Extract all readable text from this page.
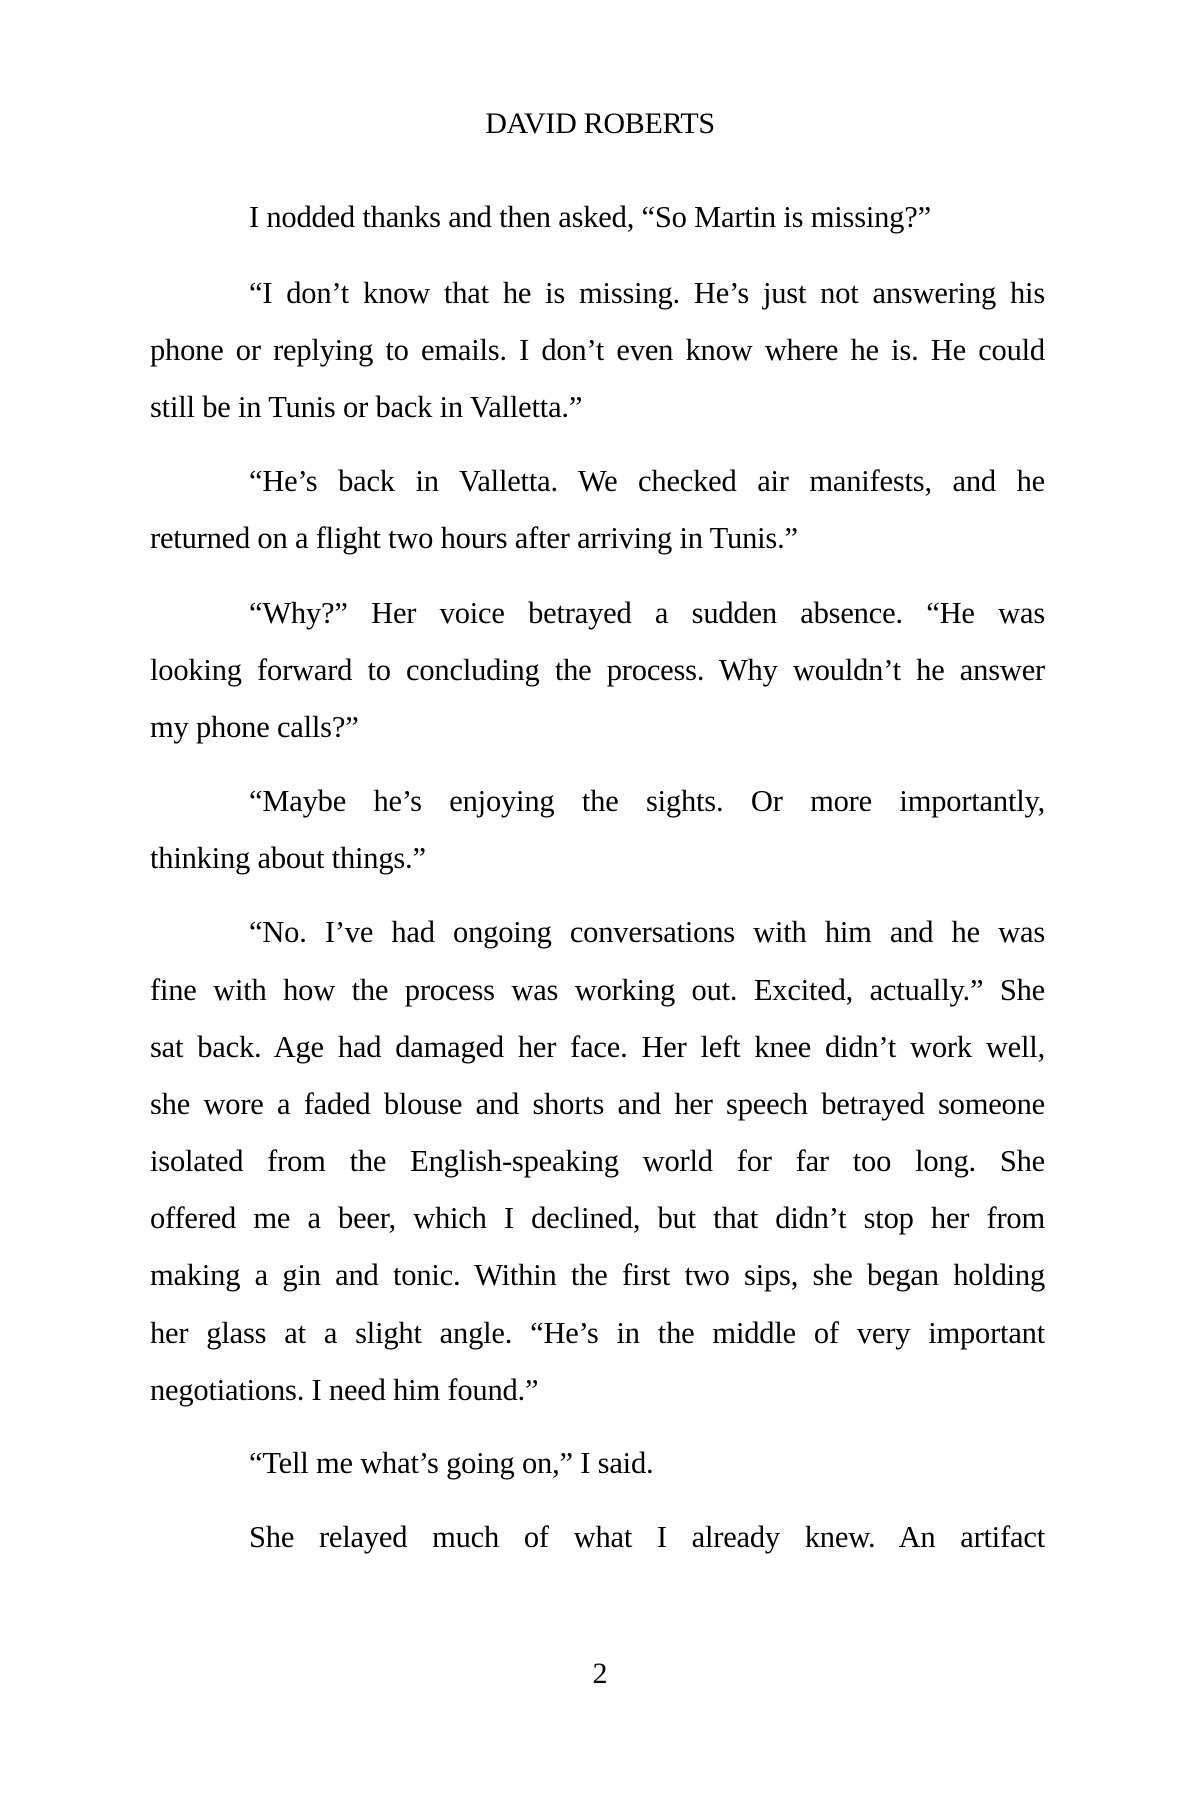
DAVID ROBERTS
I nodded thanks and then asked, “So Martin is missing?”
“I don’t know that he is missing. He’s just not answering his
phone or replying to emails. I don’t even know where he is. He could
still be in Tunis or back in Valletta.”
“He’s back in Valletta. We checked air manifests, and he
returned on a flight two hours after arriving in Tunis.”
“Why?” Her voice betrayed a sudden absence. “He was
looking forward to concluding the process. Why wouldn’t he answer
my phone calls?”
“Maybe he’s enjoying the sights. Or more importantly,
thinking about things.”
“No. I’ve had ongoing conversations with him and he was
fine with how the process was working out. Excited, actually.” She
sat back. Age had damaged her face. Her left knee didn’t work well,
she wore a faded blouse and shorts and her speech betrayed someone
isolated from the English-speaking world for far too long. She
offered me a beer, which I declined, but that didn’t stop her from
making a gin and tonic. Within the first two sips, she began holding
her glass at a slight angle. “He’s in the middle of very important
negotiations. I need him found.”
“Tell me what’s going on,” I said.
She relayed much of what I already knew. An artifact
2
